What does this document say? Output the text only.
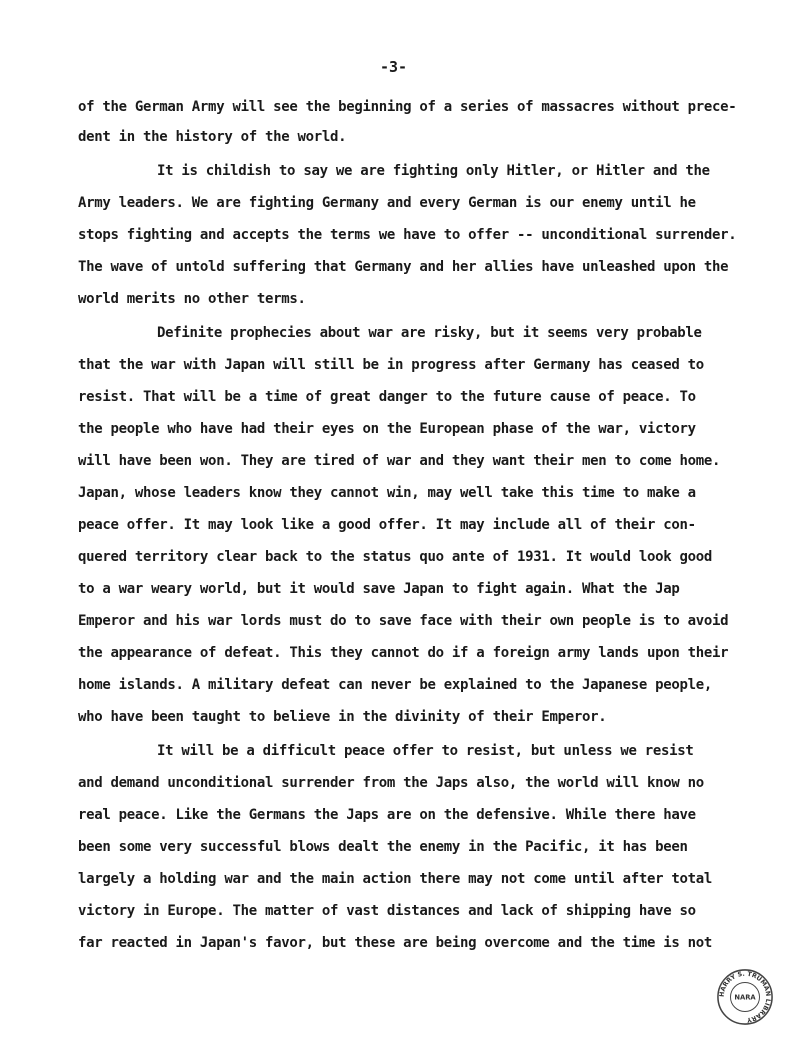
-3-
of the German Army will see the beginning of a series of massacres without prece-
dent in the history of the world.
It is childish to say we are fighting only Hitler, or Hitler and the
Army leaders. We are fighting Germany and every German is our enemy until he
stops fighting and accepts the terms we have to offer -- unconditional surrender.
The wave of untold suffering that Germany and her allies have unleashed upon the
world merits no other terms.
Definite prophecies about war are risky, but it seems very probable
that the war with Japan will still be in progress after Germany has ceased to
resist. That will be a time of great danger to the future cause of peace. To
the people who have had their eyes on the European phase of the war, victory
will have been won. They are tired of war and they want their men to come home.
Japan, whose leaders know they cannot win, may well take this time to make a
peace offer. It may look like a good offer. It may include all of their con-
quered territory clear back to the status quo ante of 1931. It would look good
to a war weary world, but it would save Japan to fight again. What the Jap
Emperor and his war lords must do to save face with their own people is to avoid
the appearance of defeat. This they cannot do if a foreign army lands upon their
home islands. A military defeat can never be explained to the Japanese people,
who have been taught to believe in the divinity of their Emperor.
It will be a difficult peace offer to resist, but unless we resist
and demand unconditional surrender from the Japs also, the world will know no
real peace. Like the Germans the Japs are on the defensive. While there have
been some very successful blows dealt the enemy in the Pacific, it has been
largely a holding war and the main action there may not come until after total
victory in Europe. The matter of vast distances and lack of shipping have so
far reacted in Japan's favor, but these are being overcome and the time is not
HARRY S. TRUMAN LIBRARY
NARA
